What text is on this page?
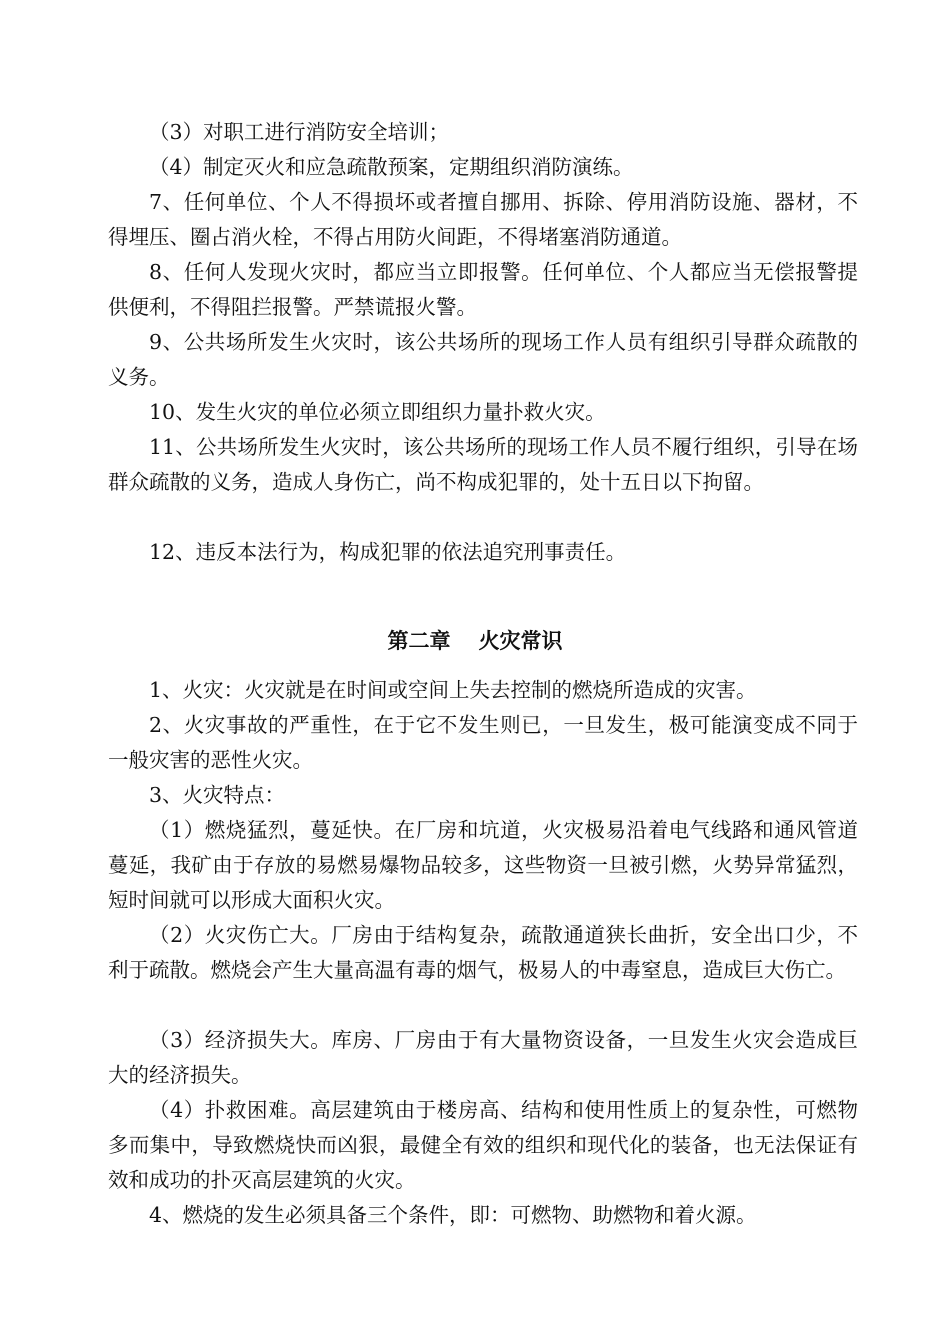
（3）对职工进行消防安全培训；

（4）制定灭火和应急疏散预案，定期组织消防演练。

7、任何单位、个人不得损坏或者擅自挪用、拆除、停用消防设施、器材，不得埋压、圈占消火栓，不得占用防火间距，不得堵塞消防通道。

8、任何人发现火灾时，都应当立即报警。任何单位、个人都应当无偿报警提供便利，不得阻拦报警。严禁谎报火警。

9、公共场所发生火灾时，该公共场所的现场工作人员有组织引导群众疏散的义务。

10、发生火灾的单位必须立即组织力量扑救火灾。

11、公共场所发生火灾时，该公共场所的现场工作人员不履行组织，引导在场群众疏散的义务，造成人身伤亡，尚不构成犯罪的，处十五日以下拘留。

12、违反本法行为，构成犯罪的依法追究刑事责任。

第二章 火灾常识

1、火灾：火灾就是在时间或空间上失去控制的燃烧所造成的灾害。

2、火灾事故的严重性，在于它不发生则已，一旦发生，极可能演变成不同于一般灾害的恶性火灾。

3、火灾特点：

（1）燃烧猛烈，蔓延快。在厂房和坑道，火灾极易沿着电气线路和通风管道蔓延，我矿由于存放的易燃易爆物品较多，这些物资一旦被引燃，火势异常猛烈，短时间就可以形成大面积火灾。

（2）火灾伤亡大。厂房由于结构复杂，疏散通道狭长曲折，安全出口少，不利于疏散。燃烧会产生大量高温有毒的烟气，极易人的中毒窒息，造成巨大伤亡。

（3）经济损失大。库房、厂房由于有大量物资设备，一旦发生火灾会造成巨大的经济损失。

（4）扑救困难。高层建筑由于楼房高、结构和使用性质上的复杂性，可燃物多而集中，导致燃烧快而凶狠，最健全有效的组织和现代化的装备，也无法保证有效和成功的扑灭高层建筑的火灾。

4、燃烧的发生必须具备三个条件，即：可燃物、助燃物和着火源。
